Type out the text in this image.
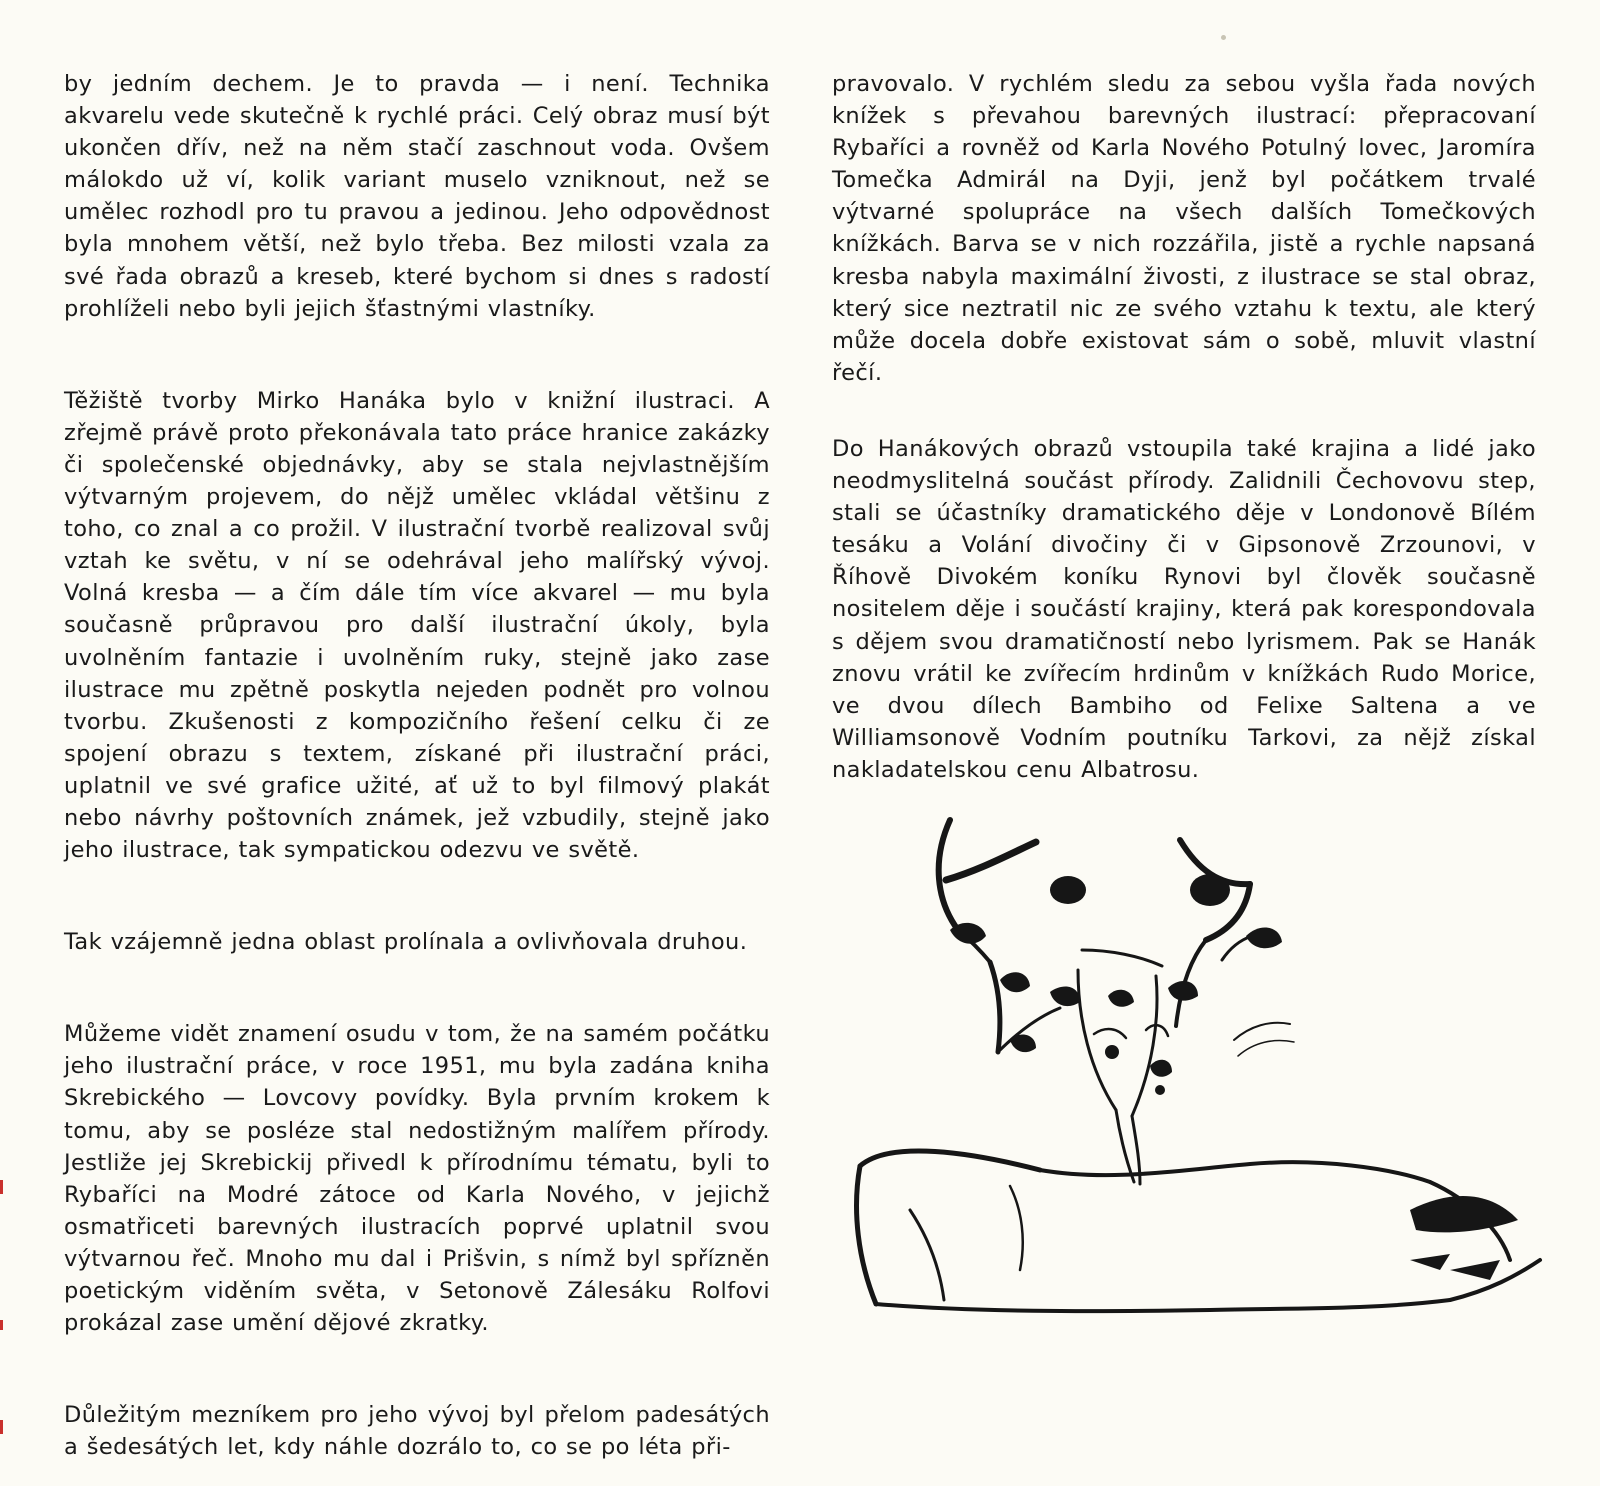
by jedním dechem. Je to pravda — i není. Technika akvarelu vede skutečně k rychlé práci. Celý obraz musí být ukončen dřív, než na něm stačí zaschnout voda. Ovšem málokdo už ví, kolik variant muselo vzniknout, než se umělec rozhodl pro tu pravou a jedinou. Jeho odpovědnost byla mnohem větší, než bylo třeba. Bez milosti vzala za své řada obrazů a kreseb, které bychom si dnes s radostí prohlíželi nebo byli jejich šťastnými vlastníky.

Těžiště tvorby Mirko Hanáka bylo v knižní ilustraci. A zřejmě právě proto překonávala tato práce hranice zakázky či společenské objednávky, aby se stala nejvlastnějším výtvarným projevem, do nějž umělec vkládal většinu z toho, co znal a co prožil. V ilustrační tvorbě realizoval svůj vztah ke světu, v ní se odehrával jeho malířský vývoj. Volná kresba — a čím dále tím více akvarel — mu byla současně průpravou pro další ilustrační úkoly, byla uvolněním fantazie i uvolněním ruky, stejně jako zase ilustrace mu zpětně poskytla nejeden podnět pro volnou tvorbu. Zkušenosti z kompozičního řešení celku či ze spojení obrazu s textem, získané při ilustrační práci, uplatnil ve své grafice užité, ať už to byl filmový plakát nebo návrhy poštovních známek, jež vzbudily, stejně jako jeho ilustrace, tak sympatickou odezvu ve světě.

Tak vzájemně jedna oblast prolínala a ovlivňovala druhou.

Můžeme vidět znamení osudu v tom, že na samém počátku jeho ilustrační práce, v roce 1951, mu byla zadána kniha Skrebického — Lovcovy povídky. Byla prvním krokem k tomu, aby se posléze stal nedostižným malířem přírody. Jestliže jej Skrebickij přivedl k přírodnímu tématu, byli to Rybaříci na Modré zátoce od Karla Nového, v jejichž osmatřiceti barevných ilustracích poprvé uplatnil svou výtvarnou řeč. Mnoho mu dal i Prišvin, s nímž byl spřízněn poetickým viděním světa, v Setonově Zálesáku Rolfovi prokázal zase umění dějové zkratky.

Důležitým mezníkem pro jeho vývoj byl přelom padesátých a šedesátých let, kdy náhle dozrálo to, co se po léta při-

pravovalo. V rychlém sledu za sebou vyšla řada nových knížek s převahou barevných ilustrací: přepracovaní Rybaříci a rovněž od Karla Nového Potulný lovec, Jaromíra Tomečka Admirál na Dyji, jenž byl počátkem trvalé výtvarné spolupráce na všech dalších Tomečkových knížkách. Barva se v nich rozzářila, jistě a rychle napsaná kresba nabyla maximální živosti, z ilustrace se stal obraz, který sice neztratil nic ze svého vztahu k textu, ale který může docela dobře existovat sám o sobě, mluvit vlastní řečí.

Do Hanákových obrazů vstoupila také krajina a lidé jako neodmyslitelná součást přírody. Zalidnili Čechovovu step, stali se účastníky dramatického děje v Londonově Bílém tesáku a Volání divočiny či v Gipsonově Zrzounovi, v Říhově Divokém koníku Rynovi byl člověk současně nositelem děje i součástí krajiny, která pak korespondovala s dějem svou dramatičností nebo lyrismem. Pak se Hanák znovu vrátil ke zvířecím hrdinům v knížkách Rudo Morice, ve dvou dílech Bambiho od Felixe Saltena a ve Williamsonově Vodním poutníku Tarkovi, za nějž získal nakladatelskou cenu Albatrosu.
